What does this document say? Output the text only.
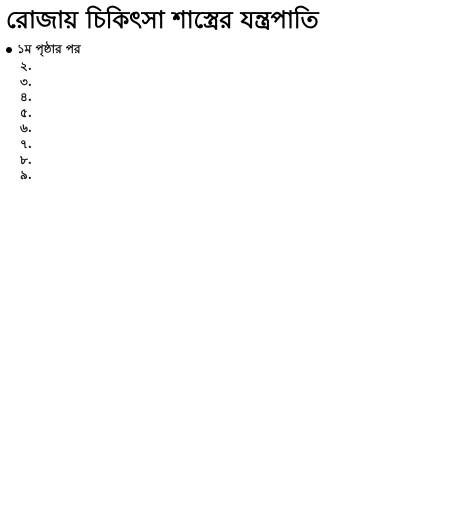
রোজায় চিকিৎসা শাস্ত্রের যন্ত্রপাতি
১ম পৃষ্ঠার পর

২.

৩.

৪.

৫.

৬.

৭.

৮.

৯.
